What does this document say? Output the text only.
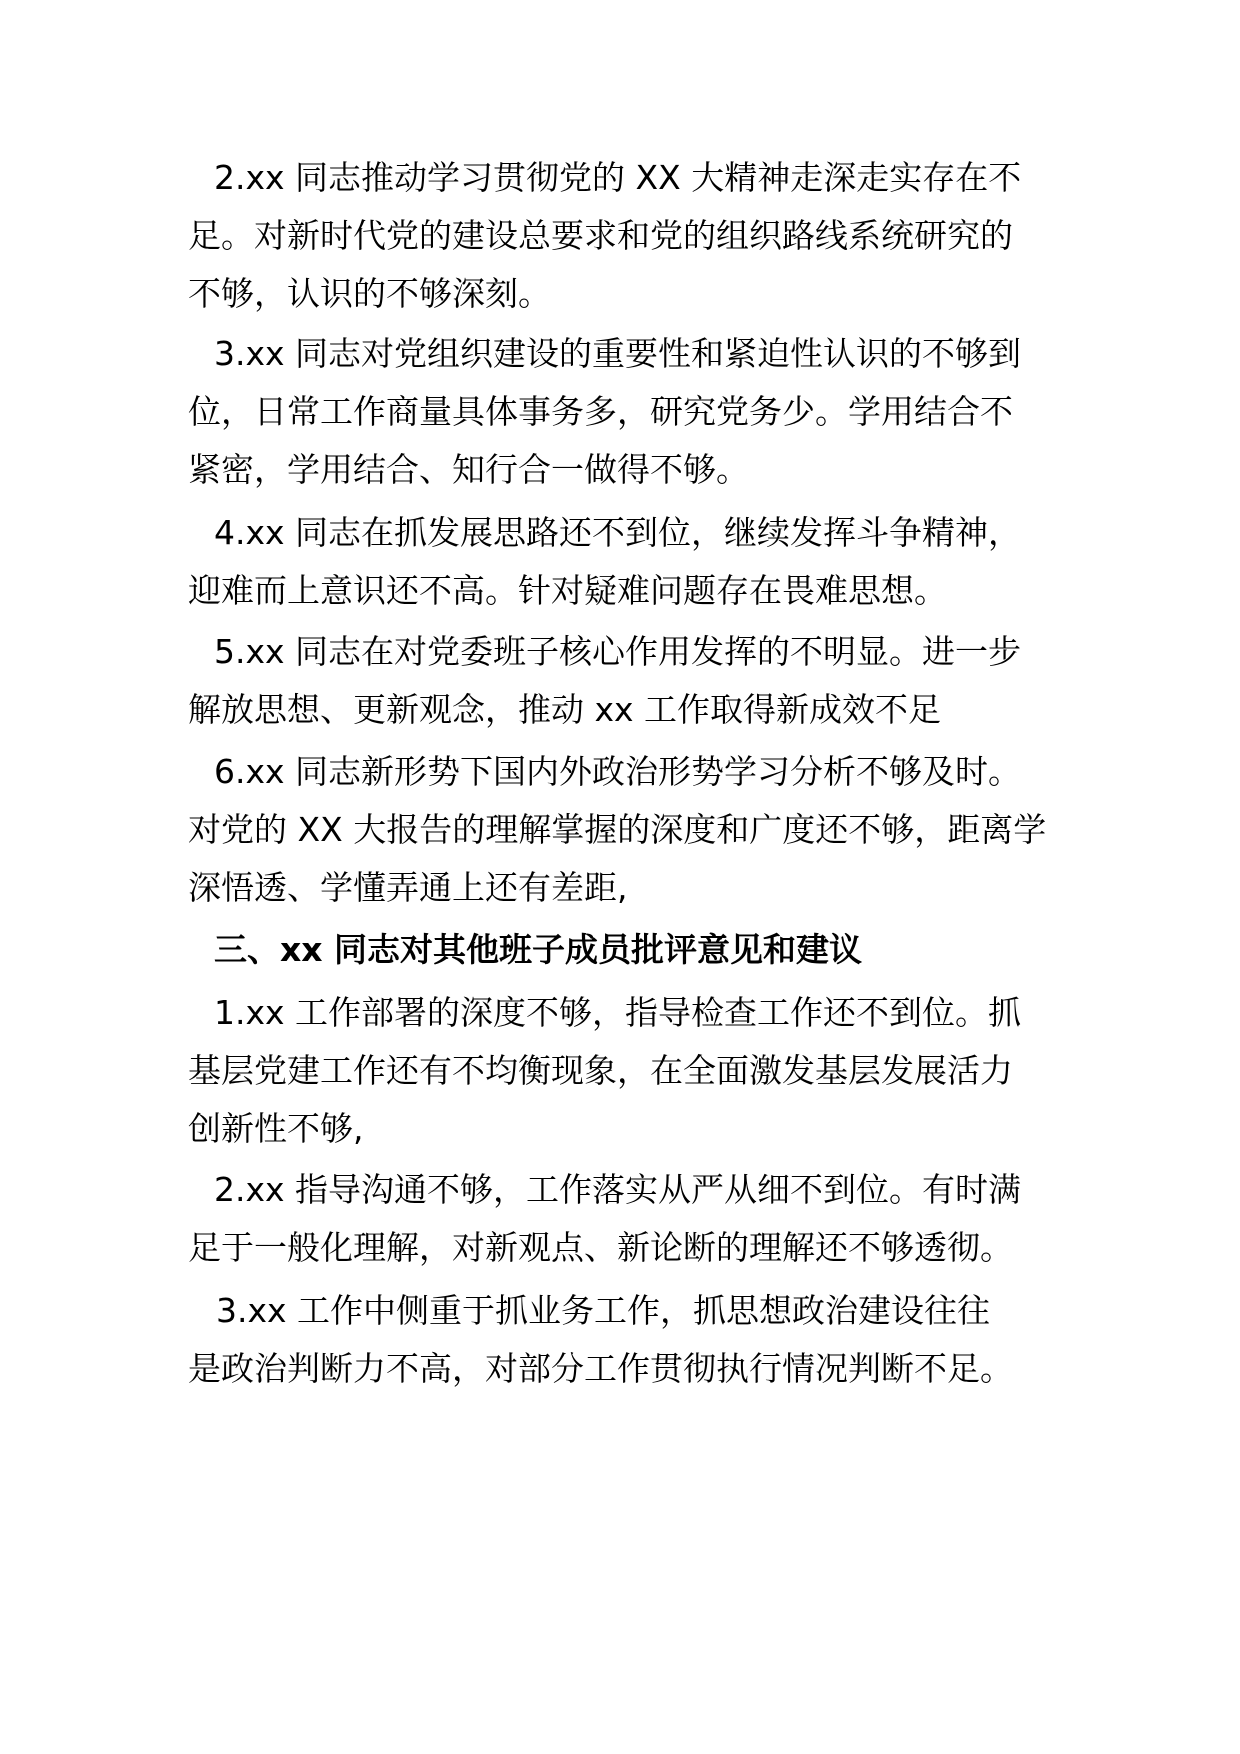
2.xx 同志推动学习贯彻党的 XX 大精神走深走实存在不

足。对新时代党的建设总要求和党的组织路线系统研究的

不够，认识的不够深刻。

3.xx 同志对党组织建设的重要性和紧迫性认识的不够到

位，日常工作商量具体事务多，研究党务少。学用结合不

紧密，学用结合、知行合一做得不够。

4.xx 同志在抓发展思路还不到位，继续发挥斗争精神，

迎难而上意识还不高。针对疑难问题存在畏难思想。

5.xx 同志在对党委班子核心作用发挥的不明显。进一步

解放思想、更新观念，推动 xx 工作取得新成效不足

6.xx 同志新形势下国内外政治形势学习分析不够及时。

对党的 XX 大报告的理解掌握的深度和广度还不够，距离学

深悟透、学懂弄通上还有差距,

三、xx 同志对其他班子成员批评意见和建议

1.xx 工作部署的深度不够，指导检查工作还不到位。抓

基层党建工作还有不均衡现象，在全面激发基层发展活力

创新性不够,

2.xx 指导沟通不够，工作落实从严从细不到位。有时满

足于一般化理解，对新观点、新论断的理解还不够透彻。

3.xx 工作中侧重于抓业务工作，抓思想政治建设往往

是政治判断力不高，对部分工作贯彻执行情况判断不足。
